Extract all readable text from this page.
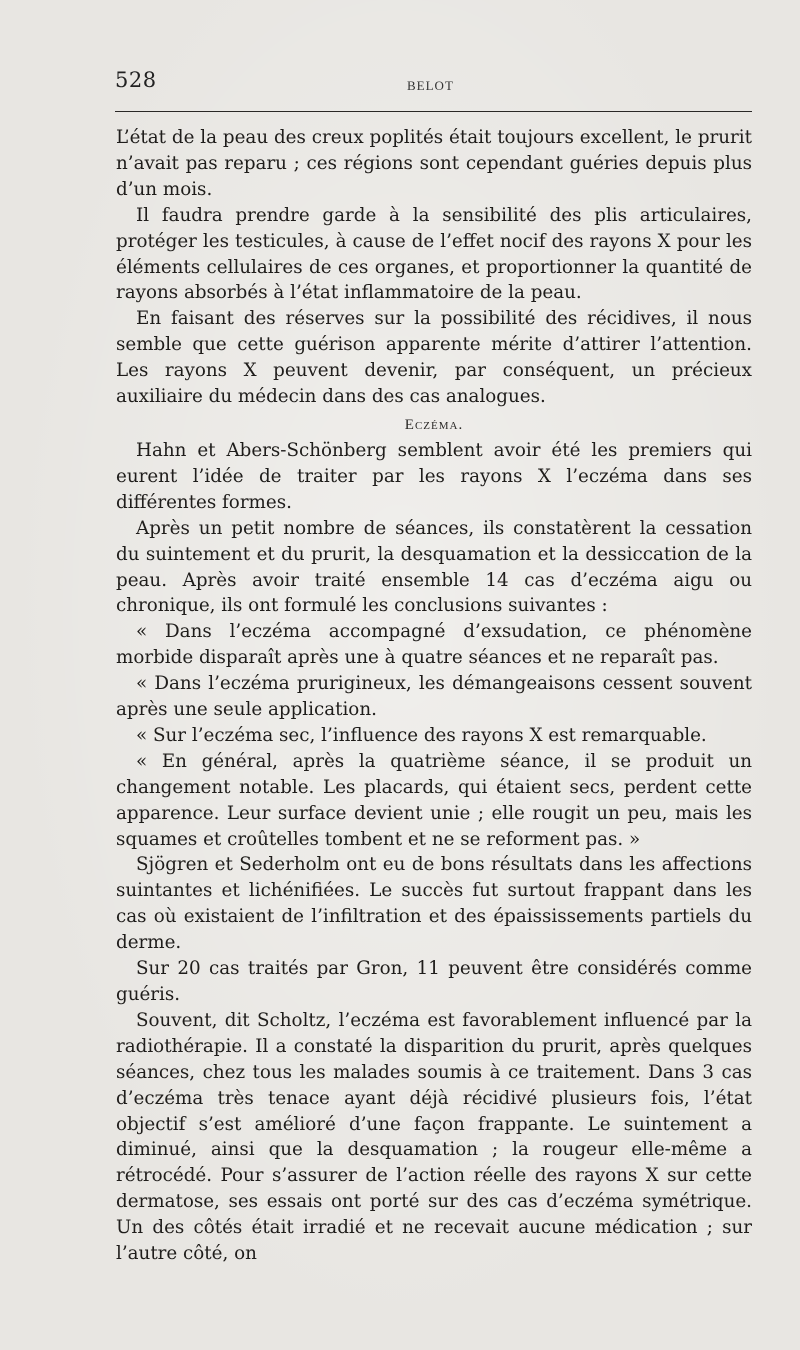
528	BELOT

L’état de la peau des creux poplités était toujours excellent, le prurit n’avait pas reparu ; ces régions sont cependant guéries depuis plus d’un mois.

Il faudra prendre garde à la sensibilité des plis articulaires, protéger les testicules, à cause de l’effet nocif des rayons X pour les éléments cellulaires de ces organes, et proportionner la quantité de rayons absorbés à l’état inflammatoire de la peau.

En faisant des réserves sur la possibilité des récidives, il nous semble que cette guérison apparente mérite d’attirer l’attention. Les rayons X peuvent devenir, par conséquent, un précieux auxiliaire du médecin dans des cas analogues.

Eczéma.

Hahn et Abers-Schönberg semblent avoir été les premiers qui eurent l’idée de traiter par les rayons X l’eczéma dans ses différentes formes.

Après un petit nombre de séances, ils constatèrent la cessation du suintement et du prurit, la desquamation et la dessiccation de la peau. Après avoir traité ensemble 14 cas d’eczéma aigu ou chronique, ils ont formulé les conclusions suivantes :

« Dans l’eczéma accompagné d’exsudation, ce phénomène morbide disparaît après une à quatre séances et ne reparaît pas.

« Dans l’eczéma prurigineux, les démangeaisons cessent souvent après une seule application.

« Sur l’eczéma sec, l’influence des rayons X est remarquable.

« En général, après la quatrième séance, il se produit un changement notable. Les placards, qui étaient secs, perdent cette apparence. Leur surface devient unie ; elle rougit un peu, mais les squames et croûtelles tombent et ne se reforment pas. »

Sjögren et Sederholm ont eu de bons résultats dans les affections suintantes et lichénifiées. Le succès fut surtout frappant dans les cas où existaient de l’infiltration et des épaississements partiels du derme.

Sur 20 cas traités par Gron, 11 peuvent être considérés comme guéris.

Souvent, dit Scholtz, l’eczéma est favorablement influencé par la radiothérapie. Il a constaté la disparition du prurit, après quelques séances, chez tous les malades soumis à ce traitement. Dans 3 cas d’eczéma très tenace ayant déjà récidivé plusieurs fois, l’état objectif s’est amélioré d’une façon frappante. Le suintement a diminué, ainsi que la desquamation ; la rougeur elle-même a rétrocédé. Pour s’assurer de l’action réelle des rayons X sur cette dermatose, ses essais ont porté sur des cas d’eczéma symétrique. Un des côtés était irradié et ne recevait aucune médication ; sur l’autre côté, on
